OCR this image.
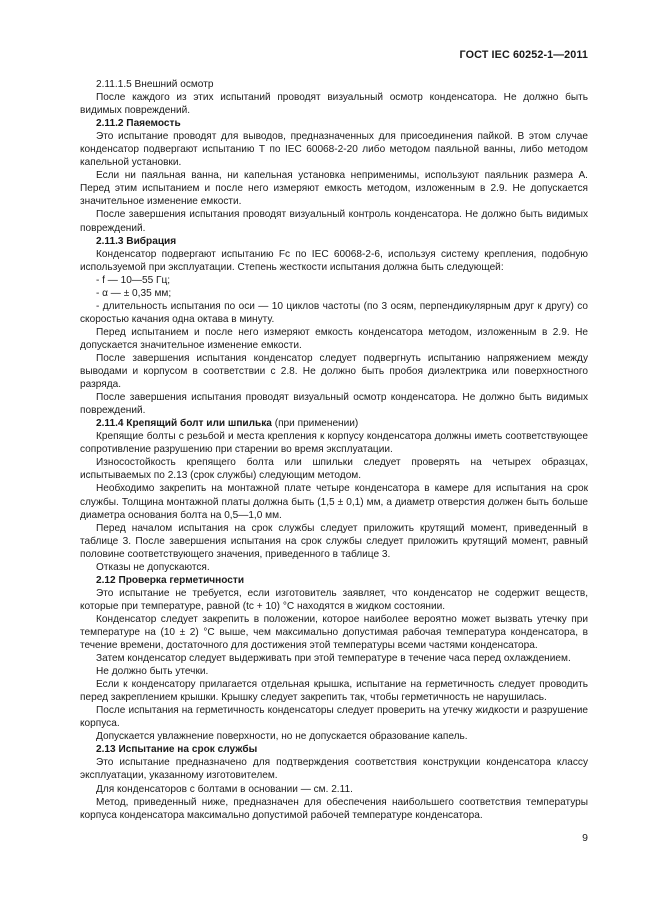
ГОСТ IEC 60252-1—2011

2.11.1.5 Внешний осмотр

После каждого из этих испытаний проводят визуальный осмотр конденсатора. Не должно быть видимых повреждений.

2.11.2 Паяемость

Это испытание проводят для выводов, предназначенных для присоединения пайкой. В этом случае конденсатор подвергают испытанию Т по IEC 60068-2-20 либо методом паяльной ванны, либо методом капельной установки.

Если ни паяльная ванна, ни капельная установка неприменимы, используют паяльник размера А. Перед этим испытанием и после него измеряют емкость методом, изложенным в 2.9. Не допускается значительное изменение емкости.

После завершения испытания проводят визуальный контроль конденсатора. Не должно быть видимых повреждений.

2.11.3 Вибрация

Конденсатор подвергают испытанию Fc по IEC 60068-2-6, используя систему крепления, подобную используемой при эксплуатации. Степень жесткости испытания должна быть следующей:

- f — 10—55 Гц;

- α — ± 0,35 мм;

- длительность испытания по оси — 10 циклов частоты (по 3 осям, перпендикулярным друг к другу) со скоростью качания одна октава в минуту.

Перед испытанием и после него измеряют емкость конденсатора методом, изложенным в 2.9. Не допускается значительное изменение емкости.

После завершения испытания конденсатор следует подвергнуть испытанию напряжением между выводами и корпусом в соответствии с 2.8. Не должно быть пробоя диэлектрика или поверхностного разряда.

После завершения испытания проводят визуальный осмотр конденсатора. Не должно быть видимых повреждений.

2.11.4 Крепящий болт или шпилька (при применении)

Крепящие болты с резьбой и места крепления к корпусу конденсатора должны иметь соответствующее сопротивление разрушению при старении во время эксплуатации.

Износостойкость крепящего болта или шпильки следует проверять на четырех образцах, испытываемых по 2.13 (срок службы) следующим методом.

Необходимо закрепить на монтажной плате четыре конденсатора в камере для испытания на срок службы. Толщина монтажной платы должна быть (1,5 ± 0,1) мм, а диаметр отверстия должен быть больше диаметра основания болта на 0,5—1,0 мм.

Перед началом испытания на срок службы следует приложить крутящий момент, приведенный в таблице 3. После завершения испытания на срок службы следует приложить крутящий момент, равный половине соответствующего значения, приведенного в таблице 3.

Отказы не допускаются.

2.12 Проверка герметичности

Это испытание не требуется, если изготовитель заявляет, что конденсатор не содержит веществ, которые при температуре, равной (tc + 10) °С находятся в жидком состоянии.

Конденсатор следует закрепить в положении, которое наиболее вероятно может вызвать утечку при температуре на (10 ± 2) °С выше, чем максимально допустимая рабочая температура конденсатора, в течение времени, достаточного для достижения этой температуры всеми частями конденсатора.

Затем конденсатор следует выдерживать при этой температуре в течение часа перед охлаждением.

Не должно быть утечки.

Если к конденсатору прилагается отдельная крышка, испытание на герметичность следует проводить перед закреплением крышки. Крышку следует закрепить так, чтобы герметичность не нарушилась.

После испытания на герметичность конденсаторы следует проверить на утечку жидкости и разрушение корпуса.

Допускается увлажнение поверхности, но не допускается образование капель.

2.13 Испытание на срок службы

Это испытание предназначено для подтверждения соответствия конструкции конденсатора классу эксплуатации, указанному изготовителем.

Для конденсаторов с болтами в основании — см. 2.11.

Метод, приведенный ниже, предназначен для обеспечения наибольшего соответствия температуры корпуса конденсатора максимально допустимой рабочей температуре конденсатора.

9
